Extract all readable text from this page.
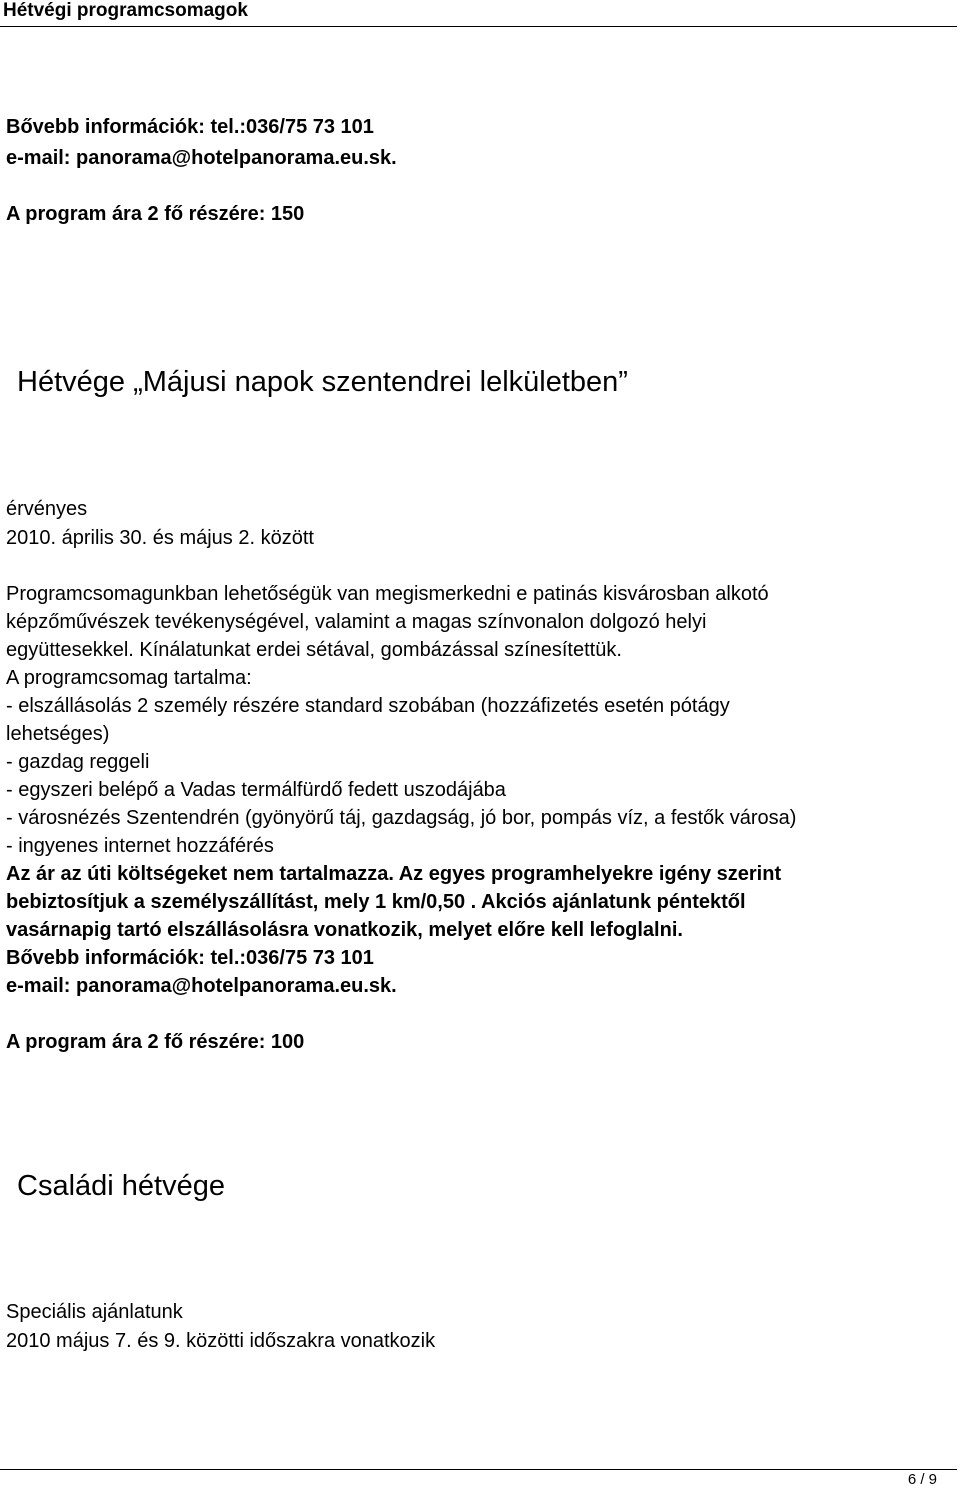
Hétvégi programcsomagok
Bővebb információk: tel.:036/75 73 101
e-mail: panorama@hotelpanorama.eu.sk.
A program ára 2 fő részére: 150
Hétvége „Májusi napok szentendrei lelkületben”
érvényes
2010. április 30. és május 2. között
Programcsomagunkban lehetőségük van megismerkedni e patinás kisvárosban alkotó
képzőművészek tevékenységével, valamint a magas színvonalon dolgozó helyi
együttesekkel. Kínálatunkat erdei sétával, gombázással színesítettük.
A programcsomag tartalma:
- elszállásolás 2 személy részére standard szobában (hozzáfizetés esetén pótágy
lehetséges)
- gazdag reggeli
- egyszeri belépő a Vadas termálfürdő fedett uszodájába
- városnézés Szentendrén (gyönyörű táj, gazdagság, jó bor, pompás víz, a festők városa)
- ingyenes internet hozzáférés
Az ár az úti költségeket nem tartalmazza. Az egyes programhelyekre igény szerint
bebiztosítjuk a személyszállítást, mely 1 km/0,50 . Akciós ajánlatunk péntektől
vasárnapig tartó elszállásolásra vonatkozik, melyet előre kell lefoglalni.
Bővebb információk: tel.:036/75 73 101
e-mail: panorama@hotelpanorama.eu.sk.
A program ára 2 fő részére: 100
Családi hétvége
Speciális ajánlatunk
2010 május 7. és 9. közötti időszakra vonatkozik
6 / 9
